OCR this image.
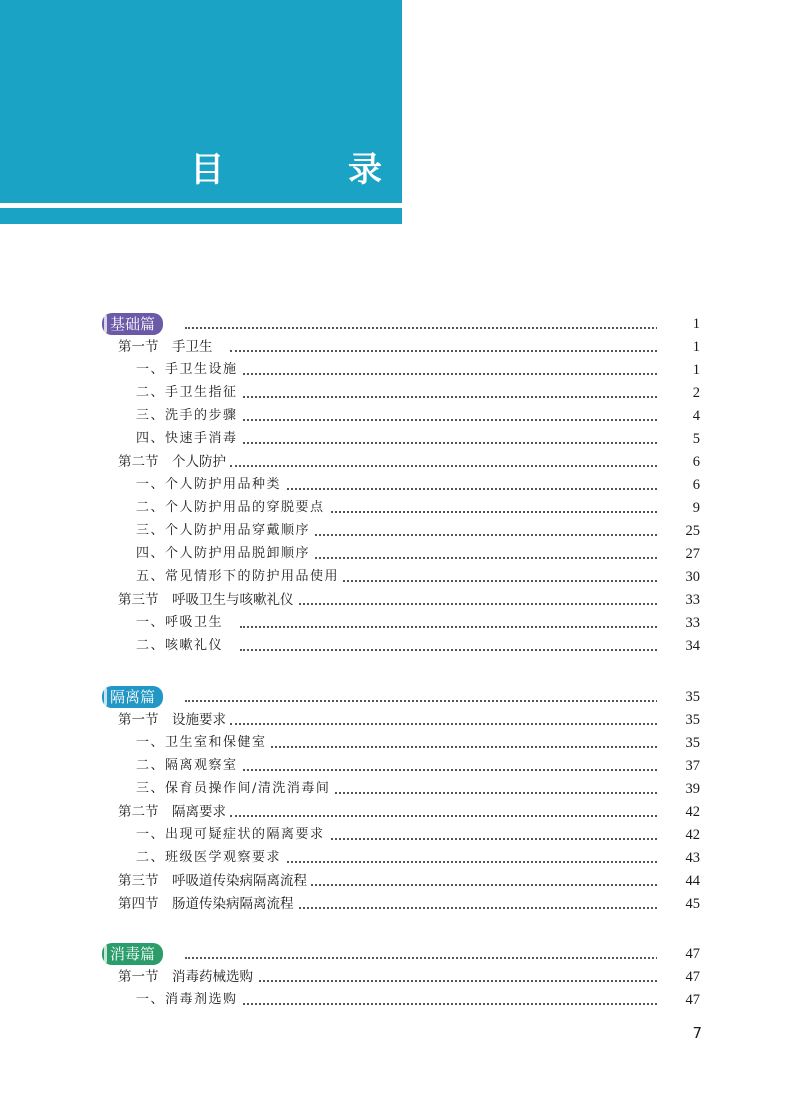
目 录
基础篇	1
第一节　手卫生	1
一、手卫生设施	1
二、手卫生指征	2
三、洗手的步骤	4
四、快速手消毒	5
第二节　个人防护	6
一、个人防护用品种类	6
二、个人防护用品的穿脱要点	9
三、个人防护用品穿戴顺序	25
四、个人防护用品脱卸顺序	27
五、常见情形下的防护用品使用	30
第三节　呼吸卫生与咳嗽礼仪	33
一、呼吸卫生	33
二、咳嗽礼仪	34
隔离篇	35
第一节　设施要求	35
一、卫生室和保健室	35
二、隔离观察室	37
三、保育员操作间/清洗消毒间	39
第二节　隔离要求	42
一、出现可疑症状的隔离要求	42
二、班级医学观察要求	43
第三节　呼吸道传染病隔离流程	44
第四节　肠道传染病隔离流程	45
消毒篇	47
第一节　消毒药械选购	47
一、消毒剂选购	47
7
